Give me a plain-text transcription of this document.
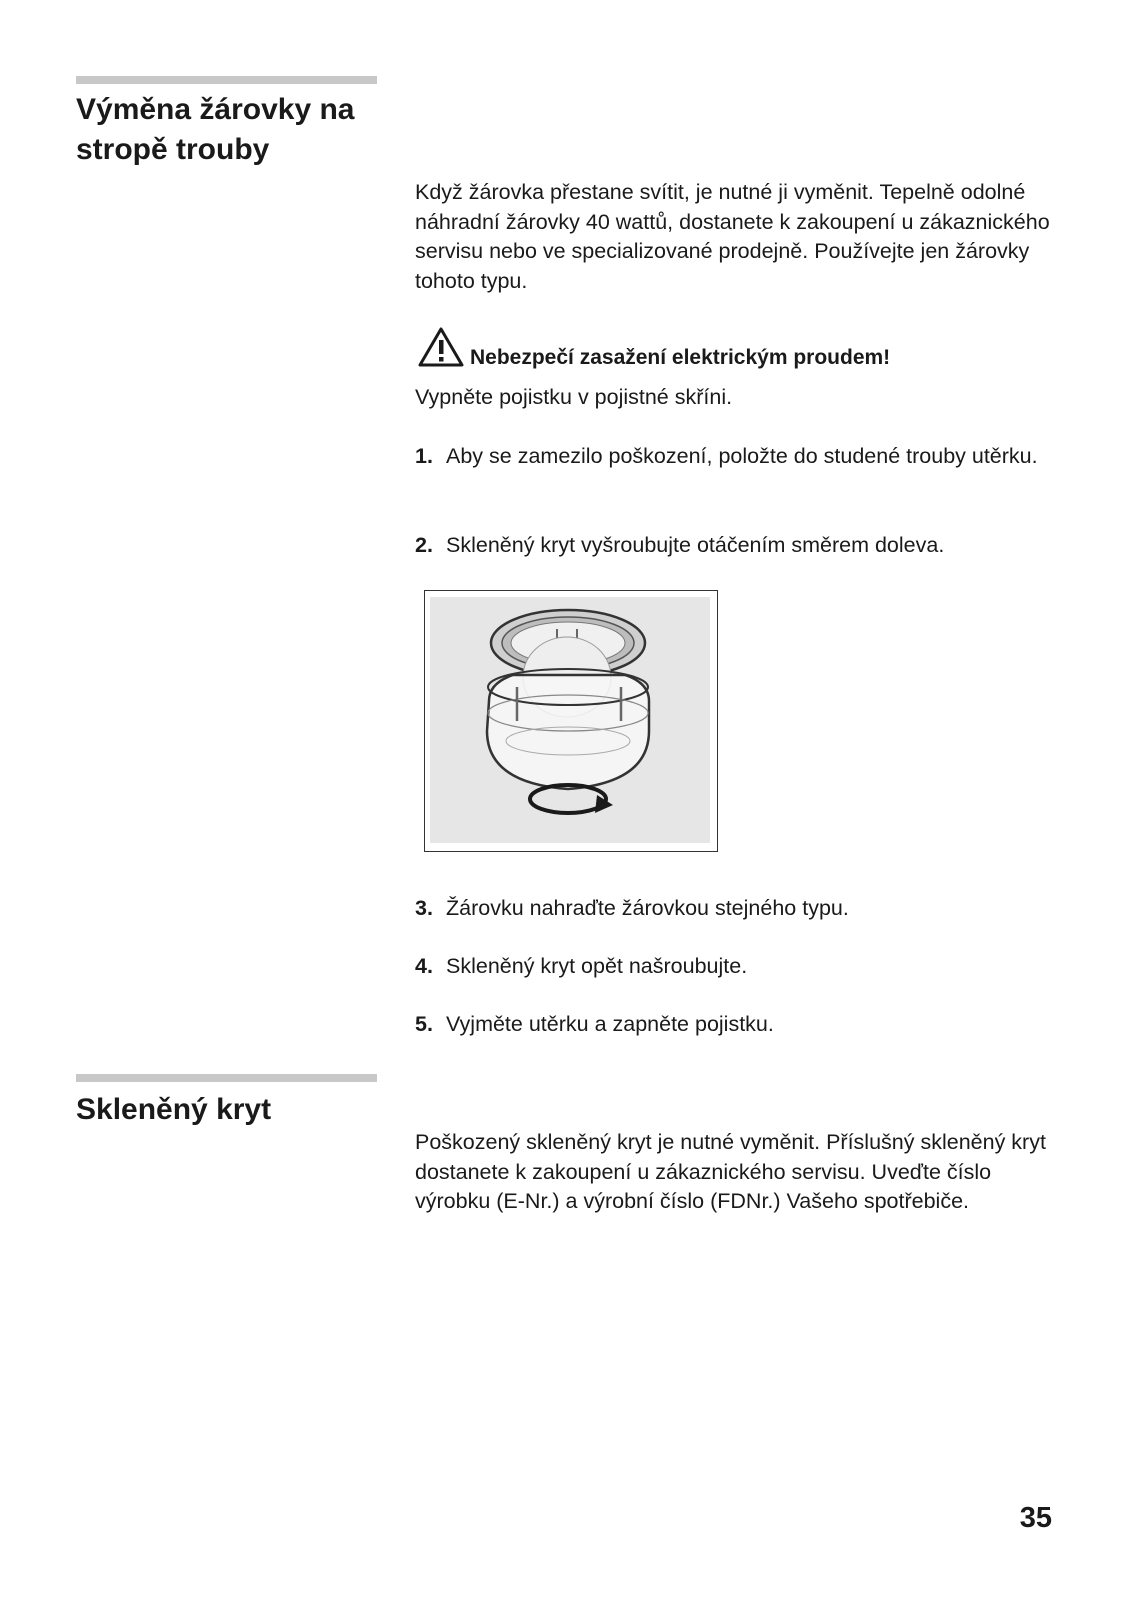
Výměna žárovky na stropě trouby

Když žárovka přestane svítit, je nutné ji vyměnit. Tepelně odolné náhradní žárovky 40 wattů, dostanete k zakoupení u zákaznického servisu nebo ve specializované prodejně. Používejte jen žárovky tohoto typu.

Nebezpečí zasažení elektrickým proudem!

Vypněte pojistku v pojistné skříni.

1. Aby se zamezilo poškození, položte do studené trouby utěrku.
2. Skleněný kryt vyšroubujte otáčením směrem doleva.
3. Žárovku nahraďte žárovkou stejného typu.
4. Skleněný kryt opět našroubujte.
5. Vyjměte utěrku a zapněte pojistku.
Skleněný kryt

Poškozený skleněný kryt je nutné vyměnit. Příslušný skleněný kryt dostanete k zakoupení u zákaznického servisu. Uveďte číslo výrobku (E-Nr.) a výrobní číslo (FDNr.) Vašeho spotřebiče.

35
